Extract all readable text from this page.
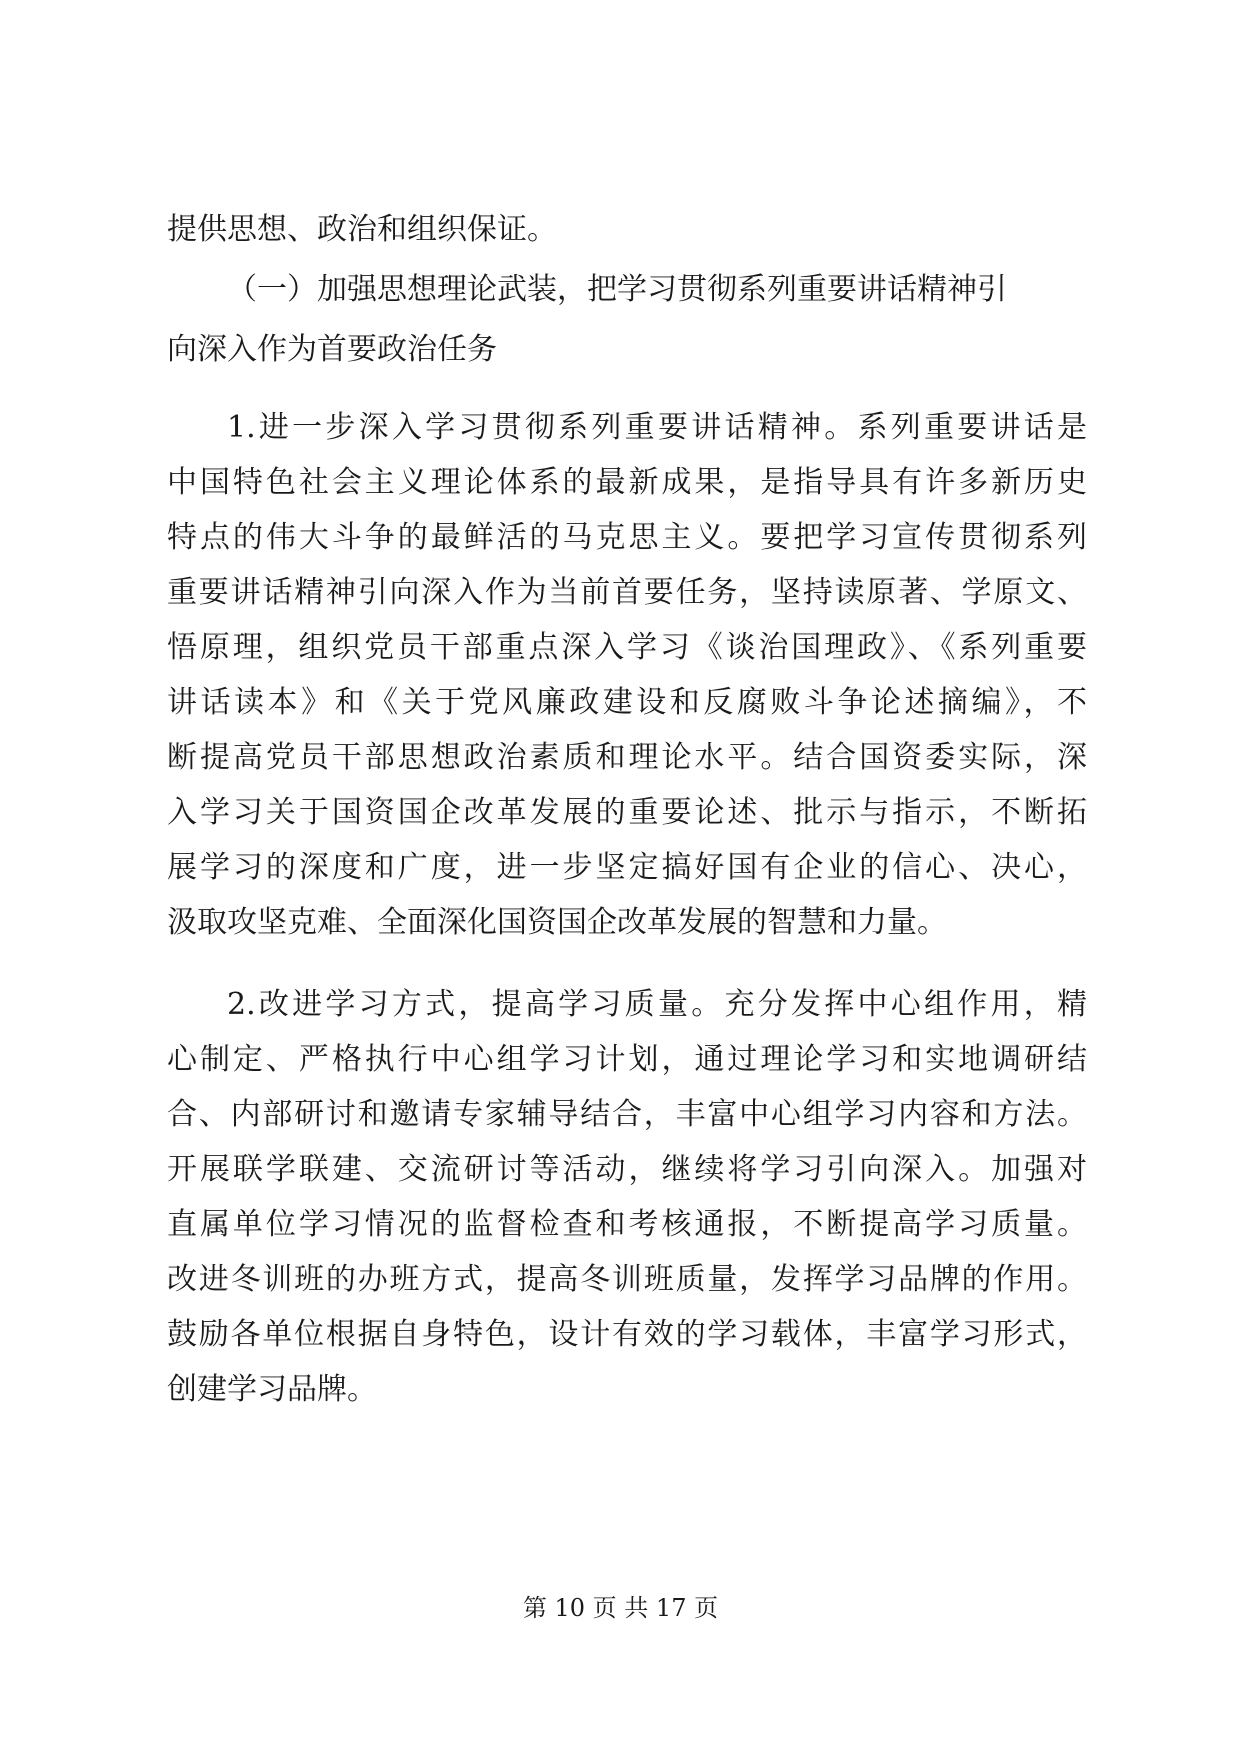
提供思想、政治和组织保证。
（一）加强思想理论武装，把学习贯彻系列重要讲话精神引
向深入作为首要政治任务
1.进一步深入学习贯彻系列重要讲话精神。系列重要讲话是
中国特色社会主义理论体系的最新成果，是指导具有许多新历史
特点的伟大斗争的最鲜活的马克思主义。要把学习宣传贯彻系列
重要讲话精神引向深入作为当前首要任务，坚持读原著、学原文、
悟原理，组织党员干部重点深入学习《谈治国理政》、《系列重要
讲话读本》和《关于党风廉政建设和反腐败斗争论述摘编》，不
断提高党员干部思想政治素质和理论水平。结合国资委实际，深
入学习关于国资国企改革发展的重要论述、批示与指示，不断拓
展学习的深度和广度，进一步坚定搞好国有企业的信心、决心，
汲取攻坚克难、全面深化国资国企改革发展的智慧和力量。
2.改进学习方式，提高学习质量。充分发挥中心组作用，精
心制定、严格执行中心组学习计划，通过理论学习和实地调研结
合、内部研讨和邀请专家辅导结合，丰富中心组学习内容和方法。
开展联学联建、交流研讨等活动，继续将学习引向深入。加强对
直属单位学习情况的监督检查和考核通报，不断提高学习质量。
改进冬训班的办班方式，提高冬训班质量，发挥学习品牌的作用。
鼓励各单位根据自身特色，设计有效的学习载体，丰富学习形式，
创建学习品牌。
第 10 页 共 17 页
